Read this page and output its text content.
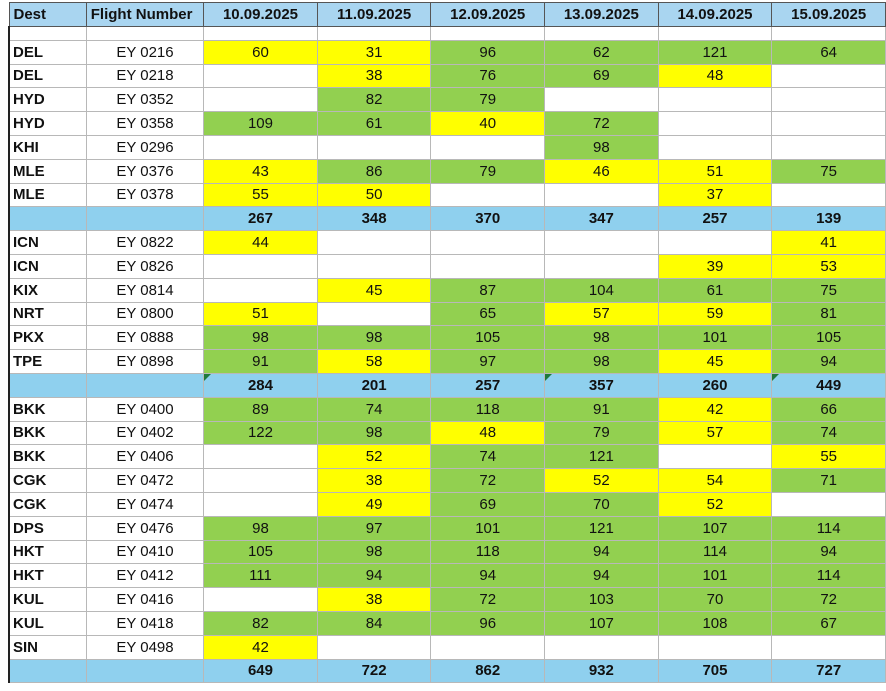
Dest	Flight Number	10.09.2025	11.09.2025	12.09.2025	13.09.2025	14.09.2025	15.09.2025

DEL	EY 0216	60	31	96	62	121	64
DEL	EY 0218		38	76	69	48	
HYD	EY 0352		82	79			
HYD	EY 0358	109	61	40	72		
KHI	EY 0296				98		
MLE	EY 0376	43	86	79	46	51	75
MLE	EY 0378	55	50			37	
		267	348	370	347	257	139
ICN	EY 0822	44					41
ICN	EY 0826					39	53
KIX	EY 0814		45	87	104	61	75
NRT	EY 0800	51		65	57	59	81
PKX	EY 0888	98	98	105	98	101	105
TPE	EY 0898	91	58	97	98	45	94
		284	201	257	357	260	449
BKK	EY 0400	89	74	118	91	42	66
BKK	EY 0402	122	98	48	79	57	74
BKK	EY 0406		52	74	121		55
CGK	EY 0472		38	72	52	54	71
CGK	EY 0474		49	69	70	52	
DPS	EY 0476	98	97	101	121	107	114
HKT	EY 0410	105	98	118	94	114	94
HKT	EY 0412	111	94	94	94	101	114
KUL	EY 0416		38	72	103	70	72
KUL	EY 0418	82	84	96	107	108	67
SIN	EY 0498	42					
		649	722	862	932	705	727
